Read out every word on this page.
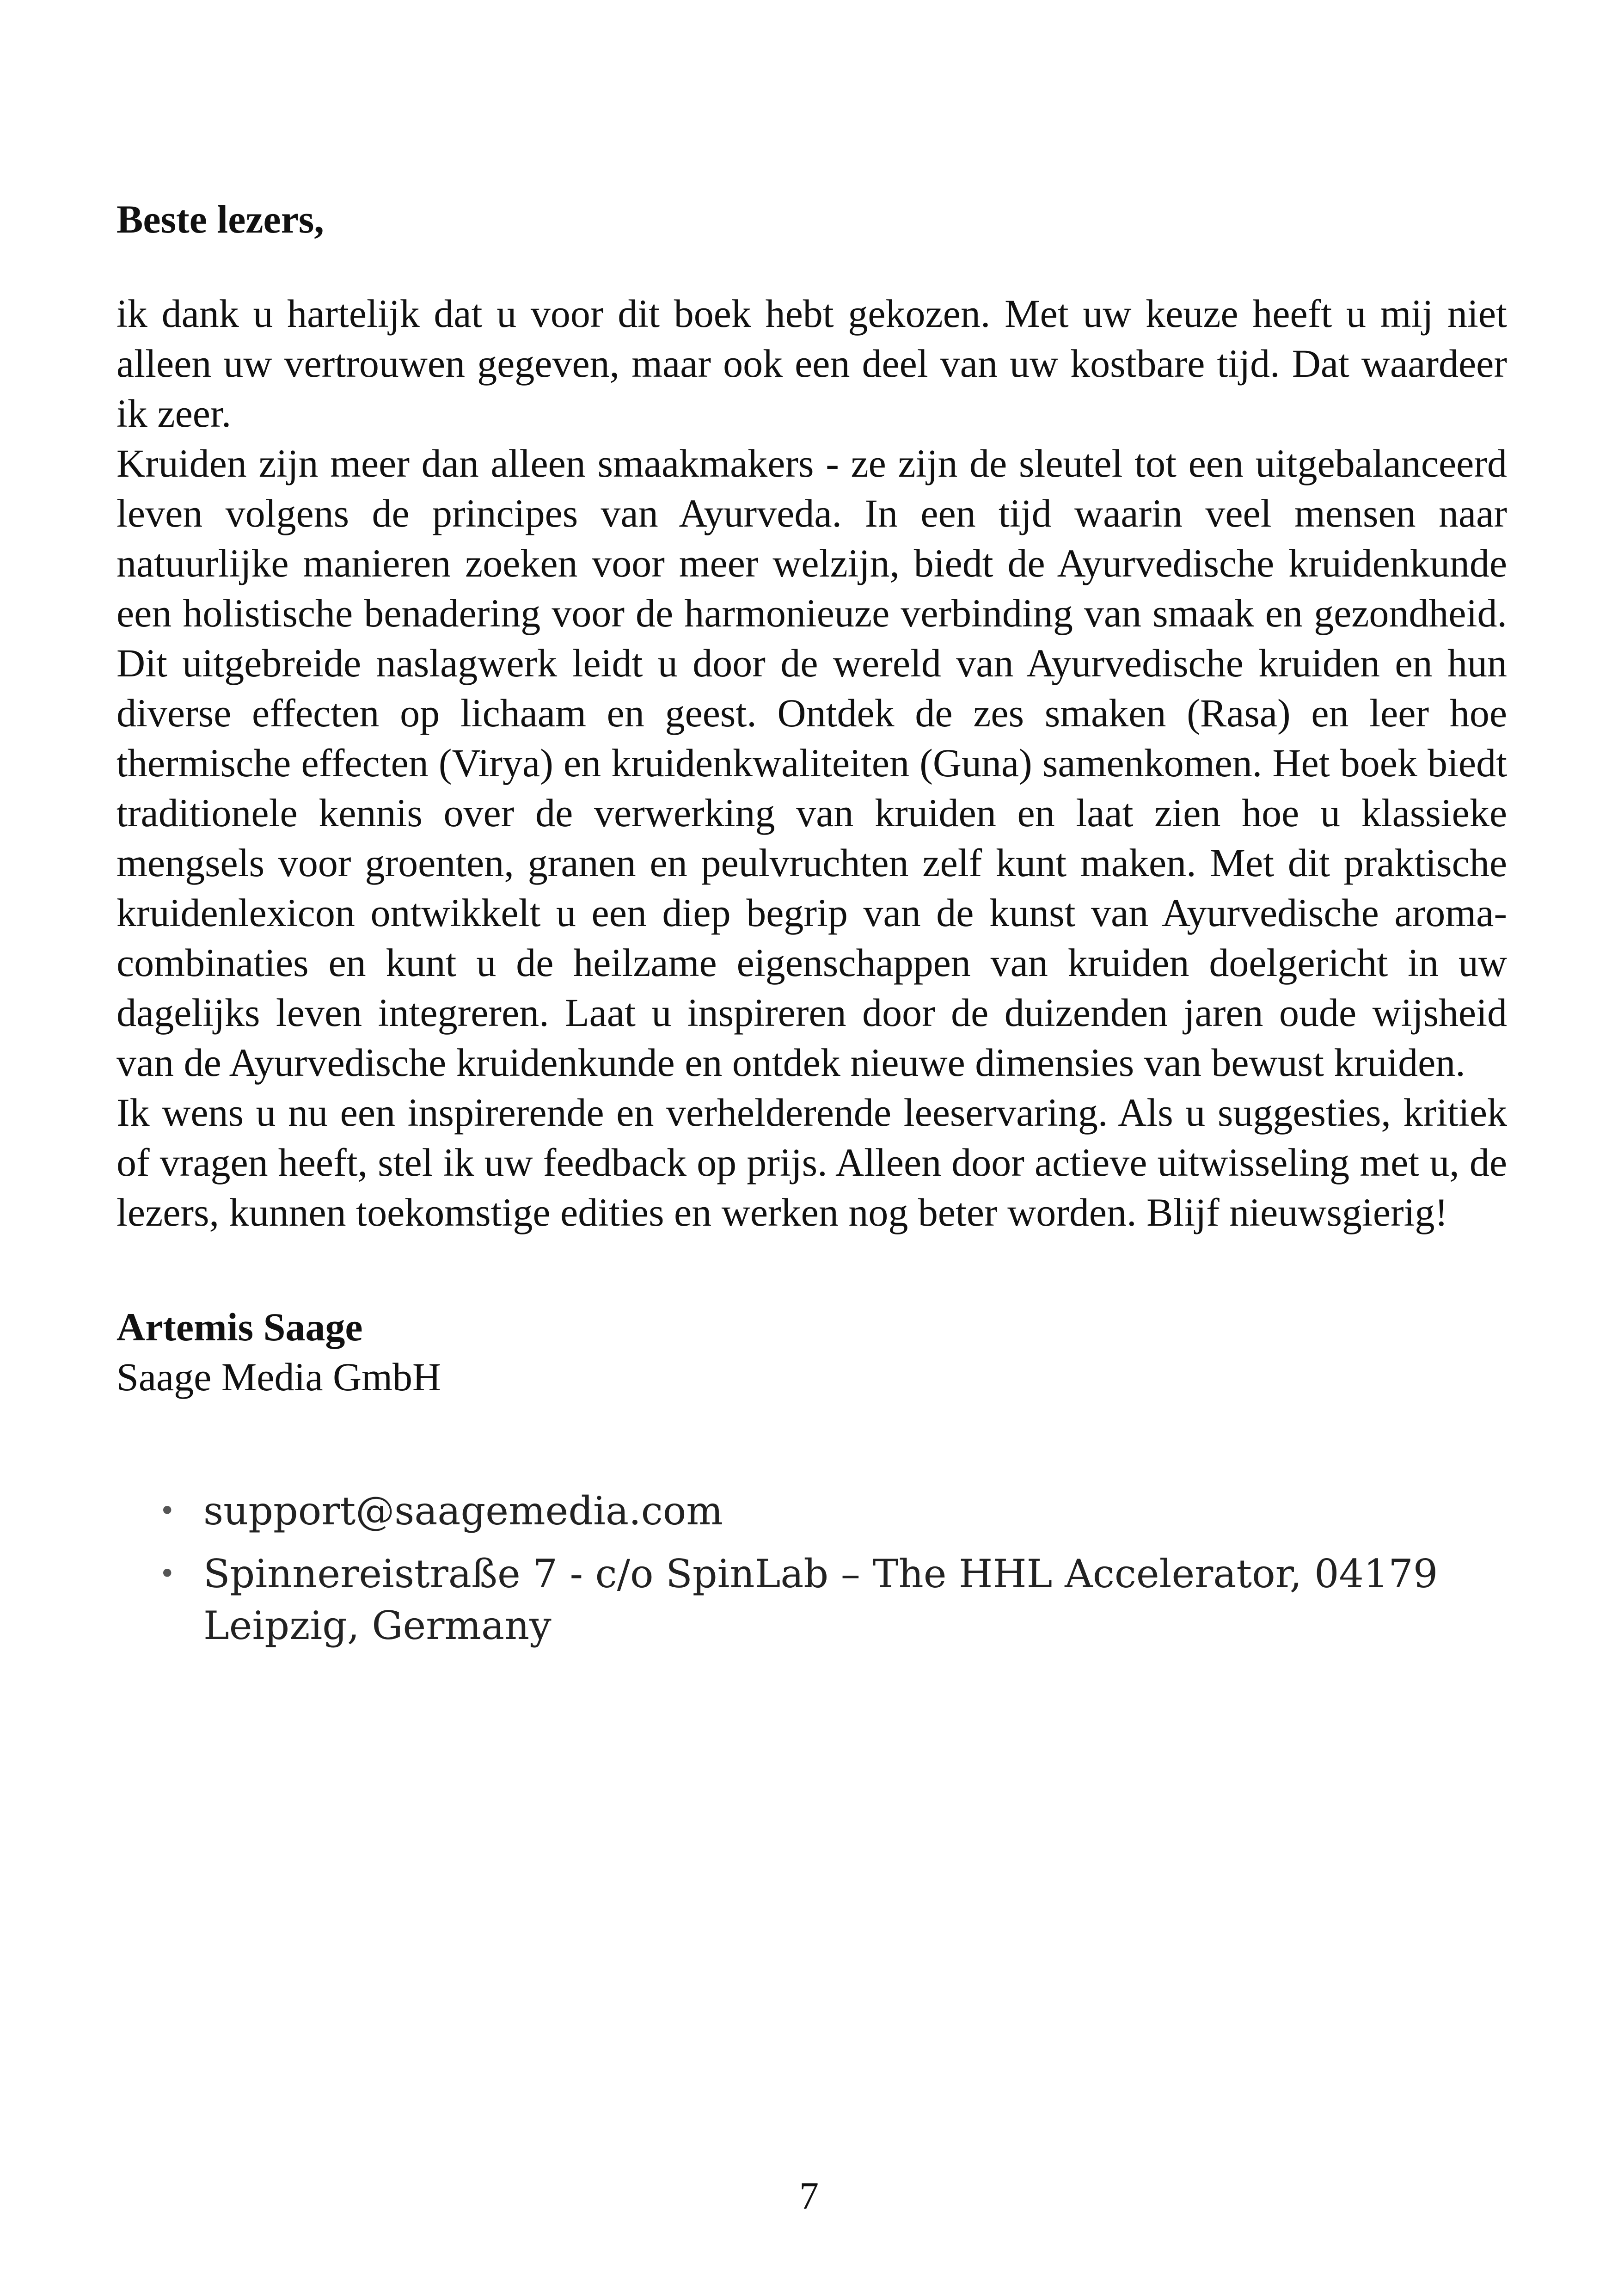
Beste lezers,

ik dank u hartelijk dat u voor dit boek hebt gekozen. Met uw keuze heeft u mij niet alleen uw vertrouwen gegeven, maar ook een deel van uw kostbare tijd. Dat waardeer ik zeer.

Kruiden zijn meer dan alleen smaakmakers - ze zijn de sleutel tot een uitgebalanceerd leven volgens de principes van Ayurveda. In een tijd waarin veel mensen naar natuurlijke manieren zoeken voor meer welzijn, biedt de Ayurvedische kruidenkunde een holistische benadering voor de harmonieuze verbinding van smaak en gezondheid. Dit uitgebreide naslagwerk leidt u door de wereld van Ayurvedische kruiden en hun diverse effecten op lichaam en geest. Ontdek de zes smaken (Rasa) en leer hoe thermische effecten (Virya) en kruidenkwaliteiten (Guna) samenkomen. Het boek biedt traditionele kennis over de verwerking van kruiden en laat zien hoe u klassieke mengsels voor groenten, granen en peulvruchten zelf kunt maken. Met dit praktische kruidenlexicon ontwikkelt u een diep begrip van de kunst van Ayurvedische aroma-combinaties en kunt u de heilzame eigenschappen van kruiden doelgericht in uw dagelijks leven integreren. Laat u inspireren door de duizenden jaren oude wijsheid van de Ayurvedische kruidenkunde en ontdek nieuwe dimensies van bewust kruiden.

Ik wens u nu een inspirerende en verhelderende leeservaring. Als u suggesties, kritiek of vragen heeft, stel ik uw feedback op prijs. Alleen door actieve uitwisseling met u, de lezers, kunnen toekomstige edities en werken nog beter worden. Blijf nieuwsgierig!

Artemis Saage
Saage Media GmbH
• support@saagemedia.com
• Spinnereistraße 7 - c/o SpinLab – The HHL Accelerator, 04179 Leipzig, Germany
7
